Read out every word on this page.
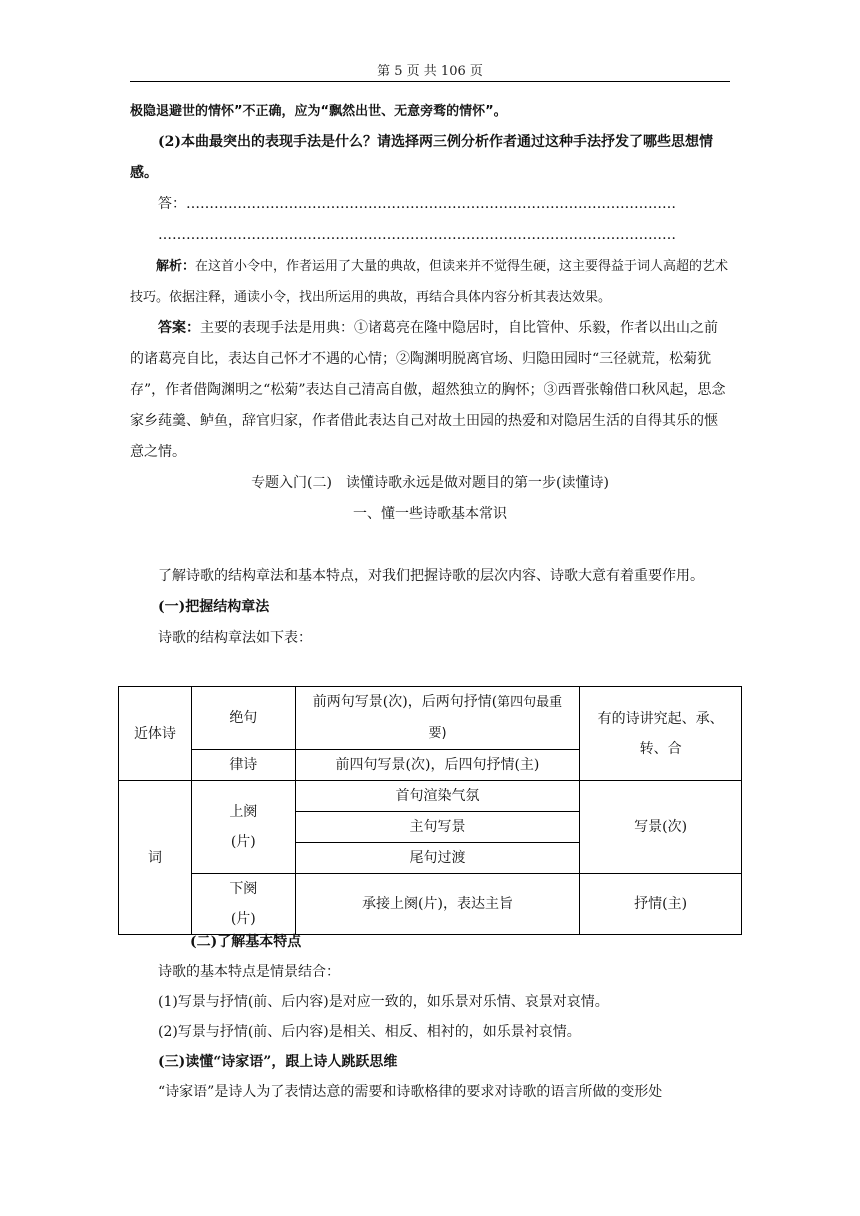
第 5 页 共 106 页

极隐退避世的情怀”不正确，应为“飘然出世、无意旁骛的情怀”。

(2)本曲最突出的表现手法是什么？请选择两三例分析作者通过这种手法抒发了哪些思想情感。

答：……………………………………………………………………………………………

…………………………………………………………………………………………………

解析：在这首小令中，作者运用了大量的典故，但读来并不觉得生硬，这主要得益于词人高超的艺术技巧。依据注释，通读小令，找出所运用的典故，再结合具体内容分析其表达效果。

答案：主要的表现手法是用典：①诸葛亮在隆中隐居时，自比管仲、乐毅，作者以出山之前的诸葛亮自比，表达自己怀才不遇的心情；②陶渊明脱离官场、归隐田园时“三径就荒，松菊犹存”，作者借陶渊明之“松菊”表达自己清高自傲，超然独立的胸怀；③西晋张翰借口秋风起，思念家乡莼羹、鲈鱼，辞官归家，作者借此表达自己对故土田园的热爱和对隐居生活的自得其乐的惬意之情。

专题入门(二)　读懂诗歌永远是做对题目的第一步(读懂诗)

一、懂一些诗歌基本常识

了解诗歌的结构章法和基本特点，对我们把握诗歌的层次内容、诗歌大意有着重要作用。

(一)把握结构章法

诗歌的结构章法如下表：

近体诗	绝句	前两句写景(次)，后两句抒情(第四句最重
要)	有的诗讲究起、承、转、合
	律诗	前四句写景(次)，后四句抒情(主)	
词	上阕
(片)	首句渲染气氛	写景(次)
		主句写景	
		尾句过渡	
	下阕
(片)	承接上阕(片)，表达主旨	抒情(主)

(二)了解基本特点

诗歌的基本特点是情景结合：

(1)写景与抒情(前、后内容)是对应一致的，如乐景对乐情、哀景对哀情。

(2)写景与抒情(前、后内容)是相关、相反、相衬的，如乐景衬哀情。

(三)读懂“诗家语”，跟上诗人跳跃思维

“诗家语”是诗人为了表情达意的需要和诗歌格律的要求对诗歌的语言所做的变形处
